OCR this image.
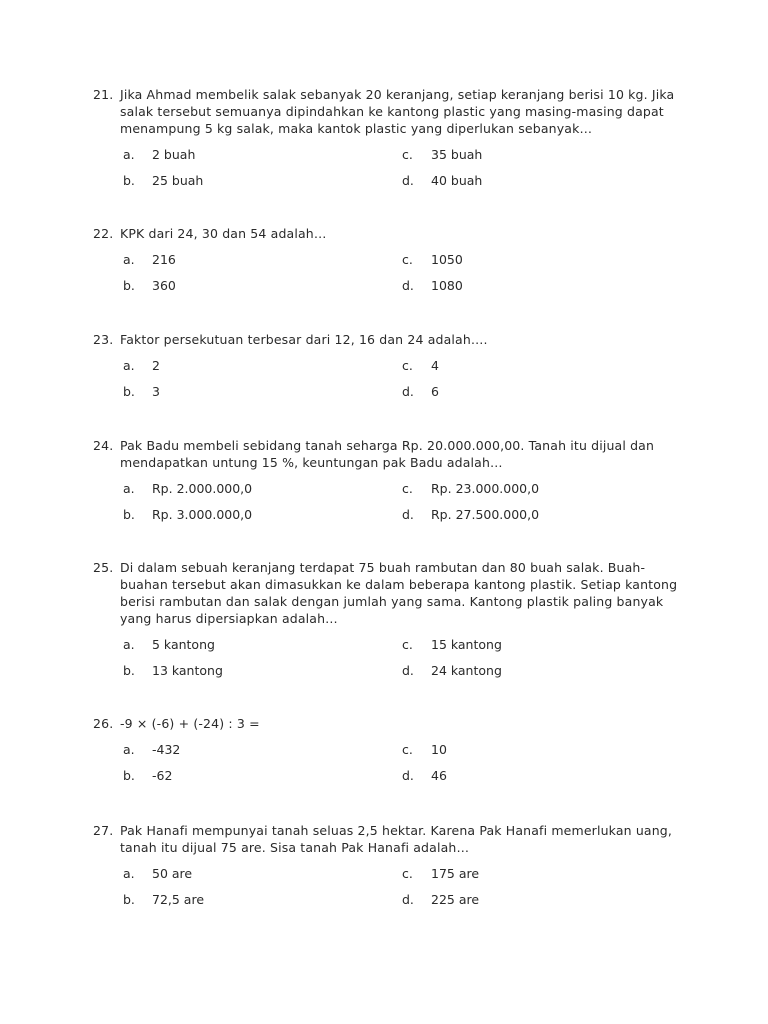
21. Jika Ahmad membelik salak sebanyak 20 keranjang, setiap keranjang berisi 10 kg. Jika salak tersebut semuanya dipindahkan ke kantong plastic yang masing-masing dapat menampung 5 kg salak, maka kantok plastic yang diperlukan sebanyak…
a. 2 buah
b. 25 buah
c. 35 buah
d. 40 buah
22. KPK dari 24, 30 dan 54 adalah…
a. 216
b. 360
c. 1050
d. 1080
23. Faktor persekutuan terbesar dari 12, 16 dan 24 adalah….
a. 2
b. 3
c. 4
d. 6
24. Pak Badu membeli sebidang tanah seharga Rp. 20.000.000,00. Tanah itu dijual dan mendapatkan untung 15 %, keuntungan pak Badu adalah…
a. Rp. 2.000.000,0
b. Rp. 3.000.000,0
c. Rp. 23.000.000,0
d. Rp. 27.500.000,0
25. Di dalam sebuah keranjang terdapat 75 buah rambutan dan 80 buah salak. Buah-buahan tersebut akan dimasukkan ke dalam beberapa kantong plastik. Setiap kantong berisi rambutan dan salak dengan jumlah yang sama. Kantong plastik paling banyak yang harus dipersiapkan adalah…
a. 5 kantong
b. 13 kantong
c. 15 kantong
d. 24 kantong
26. -9 × (-6) + (-24) : 3 =
a. -432
b. -62
c. 10
d. 46
27. Pak Hanafi mempunyai tanah seluas 2,5 hektar. Karena Pak Hanafi memerlukan uang, tanah itu dijual 75 are. Sisa tanah Pak Hanafi adalah…
a. 50 are
b. 72,5 are
c. 175 are
d. 225 are
